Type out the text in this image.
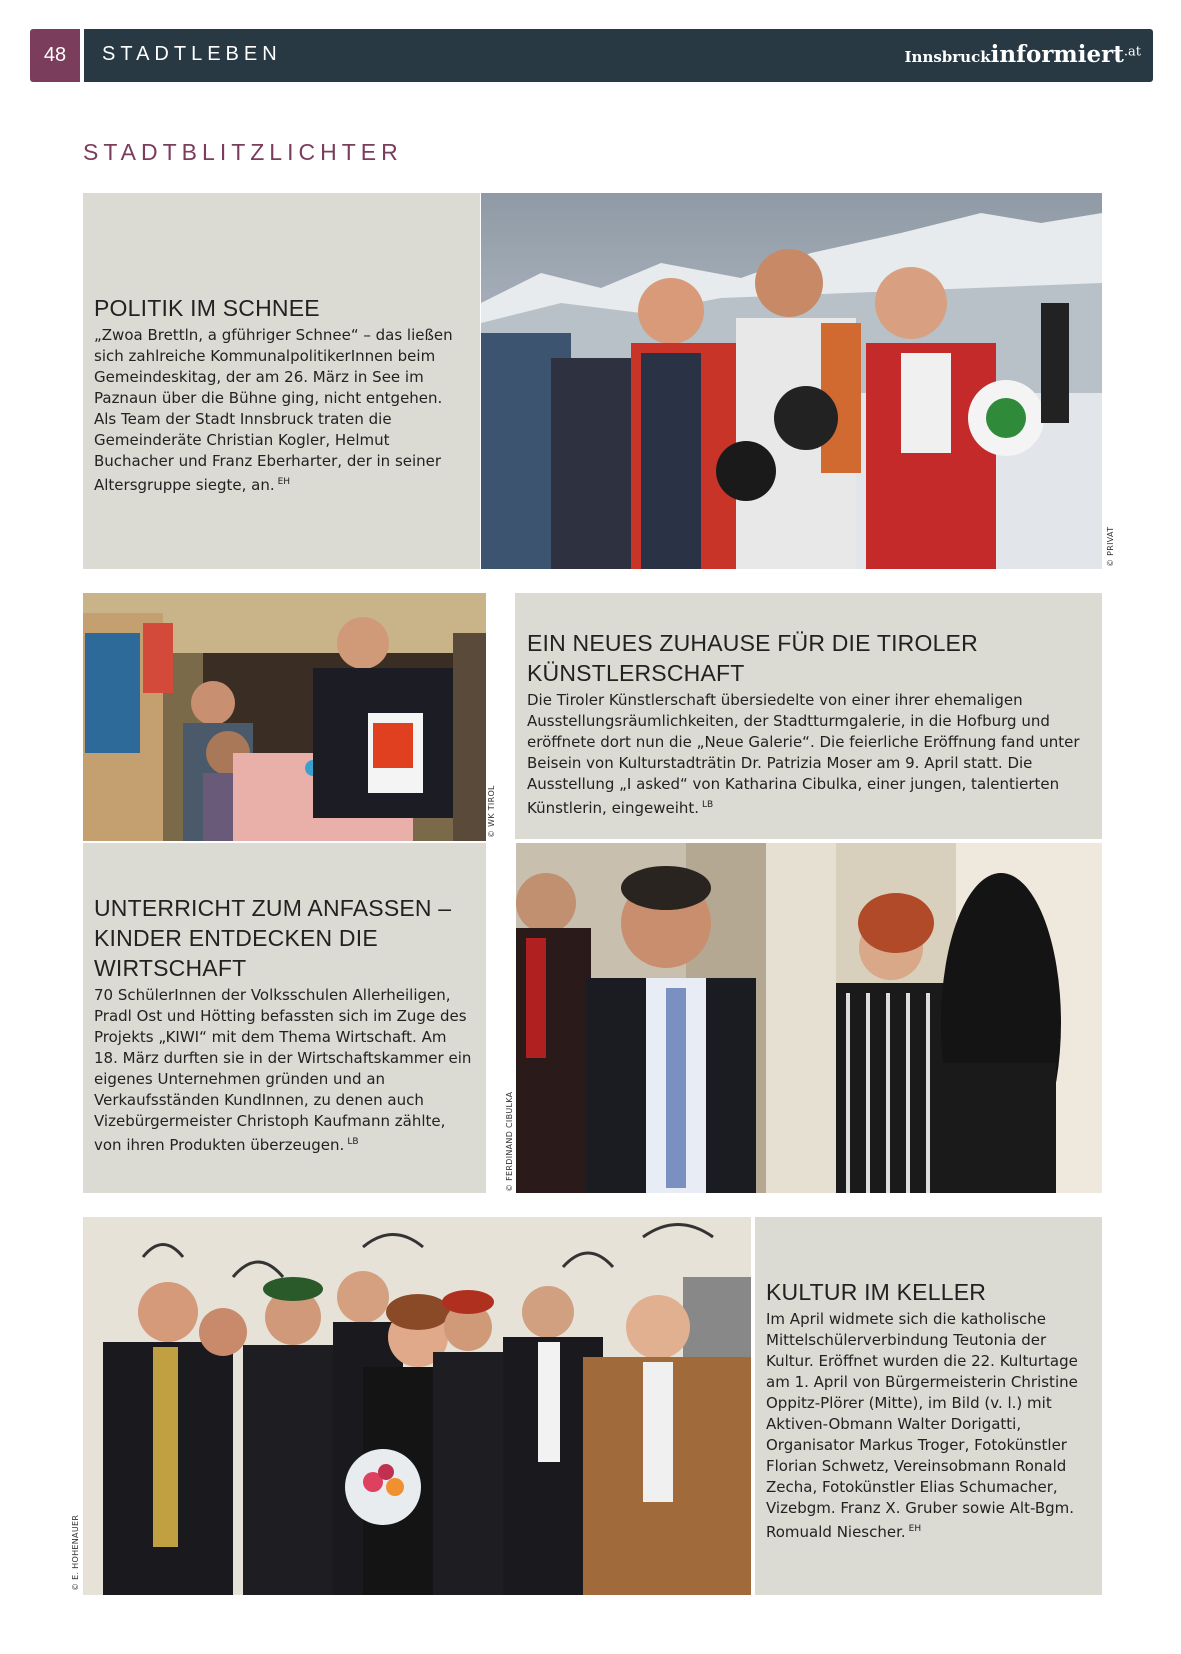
48	STADTLEBEN	Innsbruckinformiert$^{.at}$
STADTBLITZLICHTER
POLITIK IM SCHNEE

„Zwoa Brettln, a gführiger Schnee“ – das ließen sich zahlreiche KommunalpolitikerInnen beim Gemeindeskitag, der am 26. März in See im Paznaun über die Bühne ging, nicht entgehen. Als Team der Stadt Innsbruck traten die Gemeinderäte Christian Kogler, Helmut Buchacher und Franz Eberharter, der in seiner Altersgruppe siegte, an. $^{EH}$

© PRIVAT
© WK TIROL
EIN NEUES ZUHAUSE FÜR DIE TIROLER KÜNSTLERSCHAFT

Die Tiroler Künstlerschaft übersiedelte von einer ihrer ehemaligen Ausstellungsräumlichkeiten, der Stadtturmgalerie, in die Hofburg und eröffnete dort nun die „Neue Galerie“. Die feierliche Eröffnung fand unter Beisein von Kulturstadträtin Dr. Patrizia Moser am 9. April statt. Die Ausstellung „I asked“ von Katharina Cibulka, einer jungen, talentierten Künstlerin, eingeweiht. $^{LB}$

UNTERRICHT ZUM ANFASSEN – KINDER ENTDECKEN DIE WIRTSCHAFT

70 SchülerInnen der Volksschulen Allerheiligen, Pradl Ost und Hötting befassten sich im Zuge des Projekts „KIWI“ mit dem Thema Wirtschaft. Am 18. März durften sie in der Wirtschaftskammer ein eigenes Unternehmen gründen und an Verkaufsständen KundInnen, zu denen auch Vizebürgermeister Christoph Kaufmann zählte, von ihren Produkten überzeugen. $^{LB}$	© FERDINAND CIBULKA
© E. HOHENAUER
KULTUR IM KELLER

Im April widmete sich die katholische Mittelschülerverbindung Teutonia der Kultur. Eröffnet wurden die 22. Kulturtage am 1. April von Bürgermeisterin Christine Oppitz-Plörer (Mitte), im Bild (v. l.) mit Aktiven-Obmann Walter Dorigatti, Organisator Markus Troger, Fotokünstler Florian Schwetz, Vereinsobmann Ronald Zecha, Fotokünstler Elias Schumacher, Vizebgm. Franz X. Gruber sowie Alt-Bgm. Romuald Niescher. $^{EH}$
